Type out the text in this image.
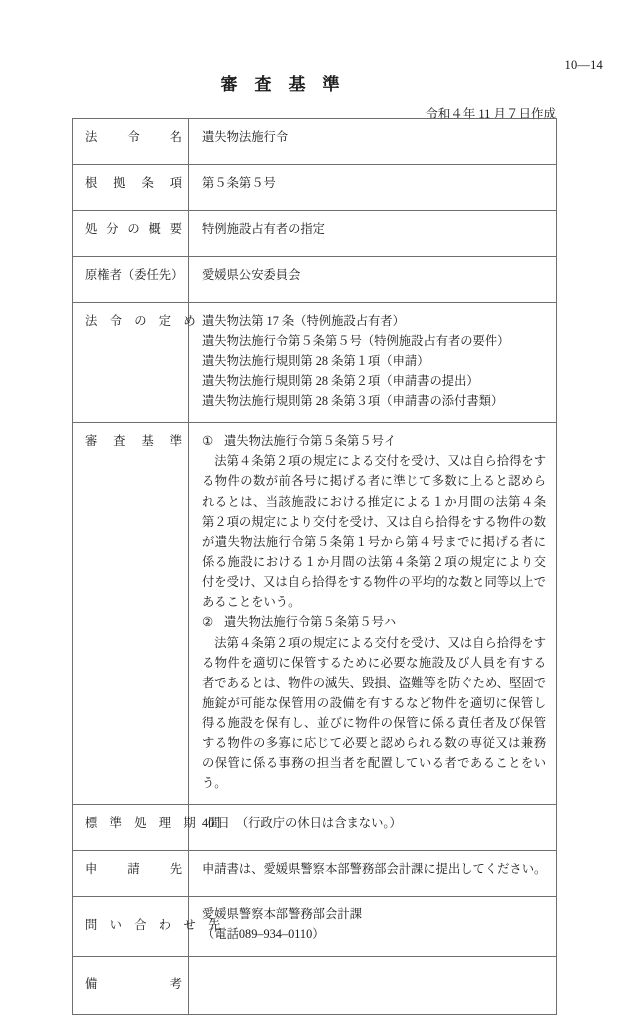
10—14
審査基準
令和４年 11 月７日作成
法　令　名	遺失物法施行令

根　拠　条　項	第５条第５号

処分の概要	特例施設占有者の指定

原権者（委任先）	愛媛県公安委員会

法　令　の　定　め	遺失物法第 17 条（特例施設占有者）
遺失物法施行令第５条第５号（特例施設占有者の要件）
遺失物法施行規則第 28 条第１項（申請）
遺失物法施行規則第 28 条第２項（申請書の提出）
遺失物法施行規則第 28 条第３項（申請書の添付書類）

審　査　基　準	① 遺失物法施行令第５条第５号イ
法第４条第２項の規定による交付を受け、又は自ら拾得をする物件の数が前各号に掲げる者に準じて多数に上ると認められるとは、当該施設における推定による１か月間の法第４条第２項の規定により交付を受け、又は自ら拾得をする物件の数が遺失物法施行令第５条第１号から第４号までに掲げる者に係る施設における１か月間の法第４条第２項の規定により交付を受け、又は自ら拾得をする物件の平均的な数と同等以上であることをいう。
② 遺失物法施行令第５条第５号ハ
法第４条第２項の規定による交付を受け、又は自ら拾得をする物件を適切に保管するために必要な施設及び人員を有する者であるとは、物件の滅失、毀損、盗難等を防ぐため、堅固で施錠が可能な保管用の設備を有するなど物件を適切に保管し得る施設を保有し、並びに物件の保管に係る責任者及び保管する物件の多寡に応じて必要と認められる数の専従又は兼務の保管に係る事務の担当者を配置している者であることをいう。

標　準　処　理　期　間	40 日　（行政庁の休日は含まない。）

申　請　先	申請書は、愛媛県警察本部警務部会計課に提出してください。

問　い　合　わ　せ　先	愛媛県警察本部警務部会計課
（電話089–934–0110）

備　考	
